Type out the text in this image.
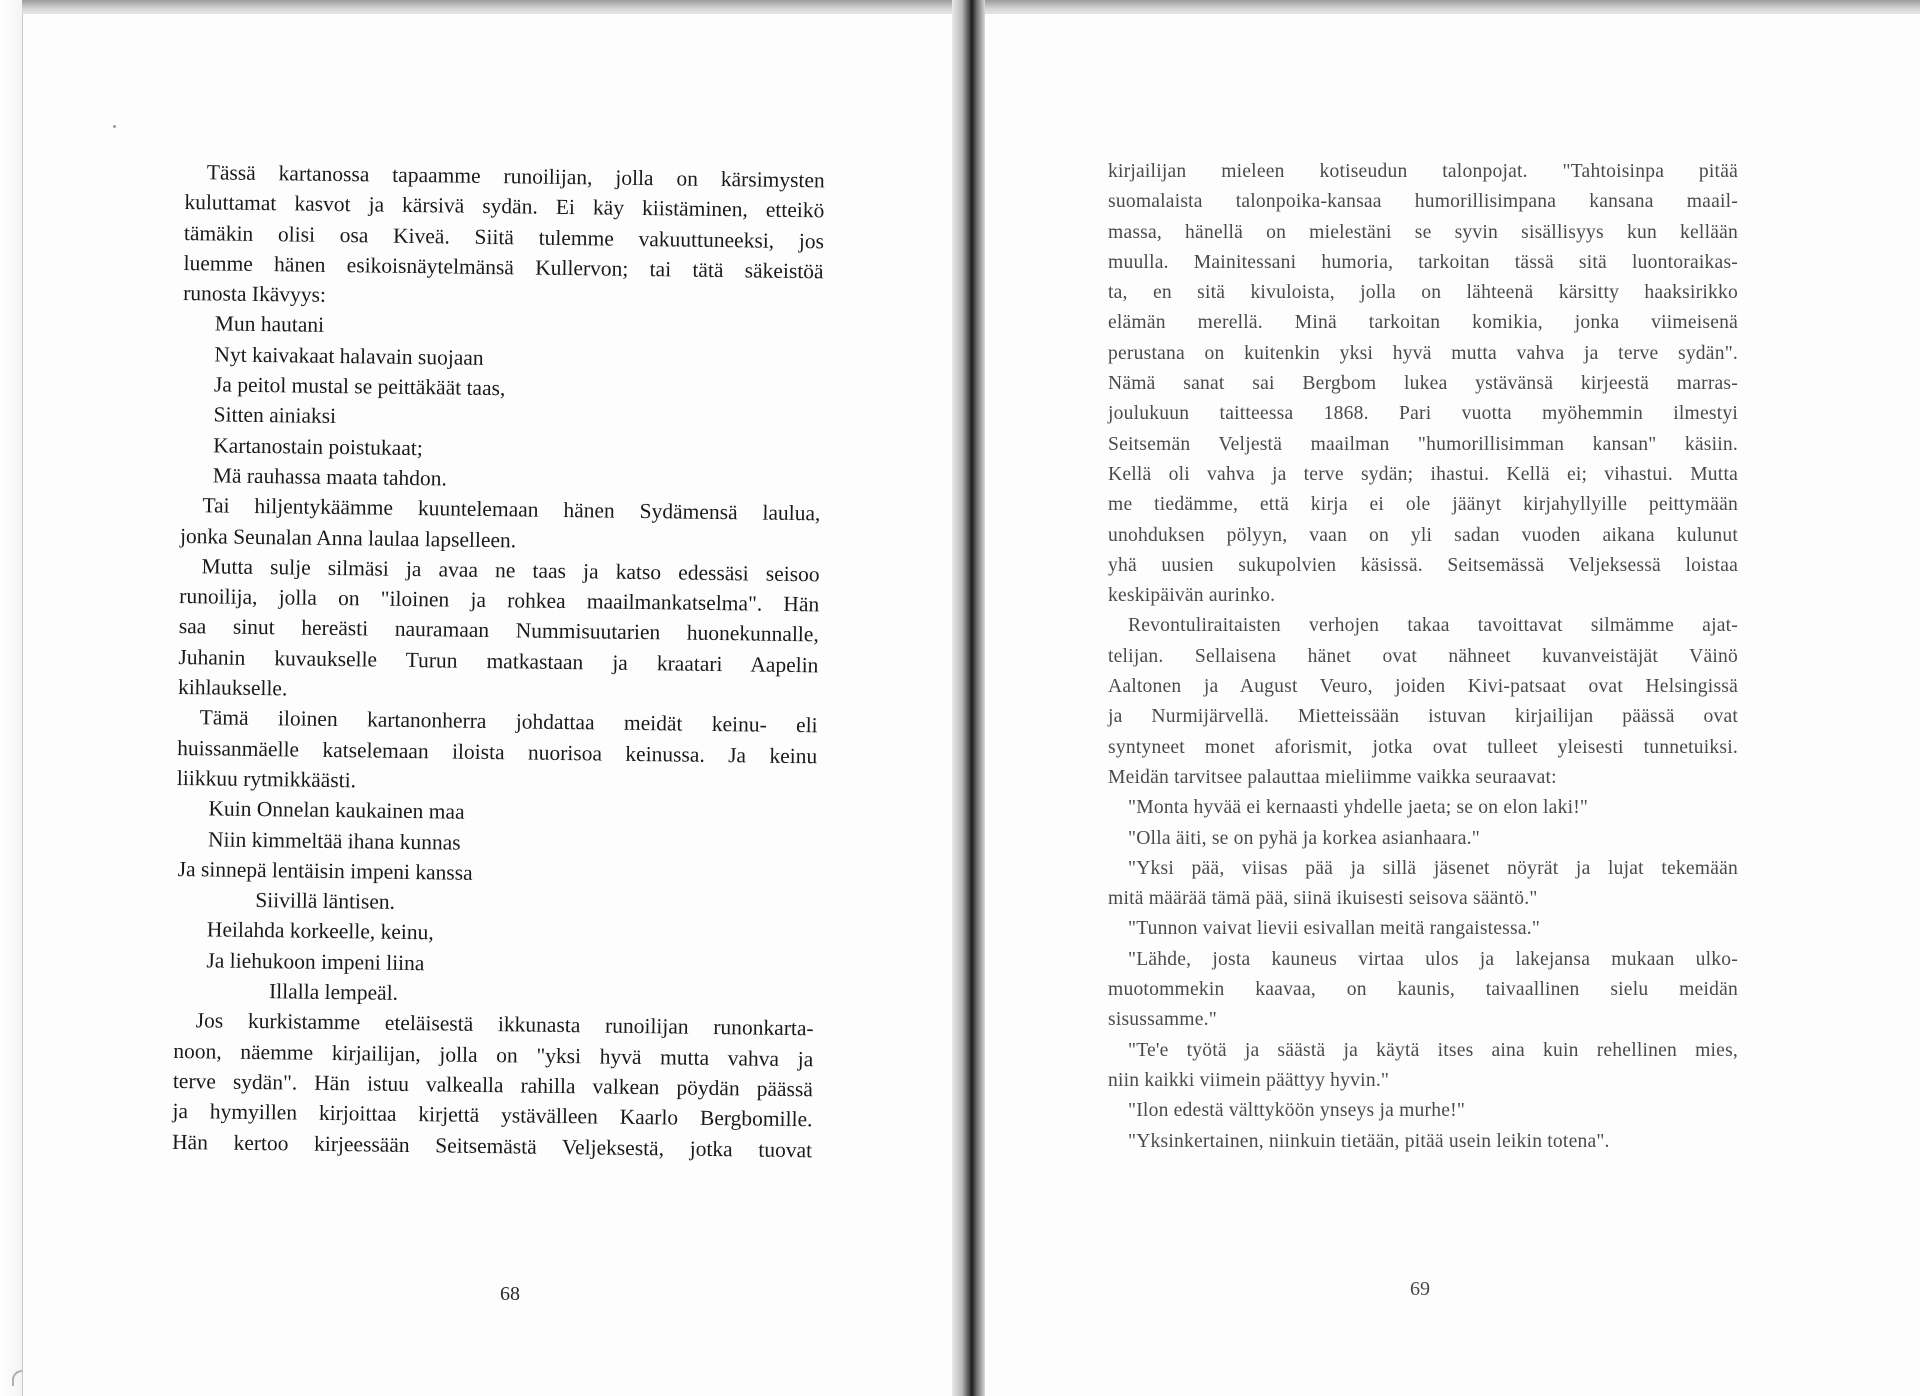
Tässä kartanossa tapaamme runoilijan, jolla on kärsimysten
kuluttamat kasvot ja kärsivä sydän. Ei käy kiistäminen, etteikö
tämäkin olisi osa Kiveä. Siitä tulemme vakuuttuneeksi, jos
luemme hänen esikoisnäytelmänsä Kullervon; tai tätä säkeistöä
runosta Ikävyys:
Mun hautani
Nyt kaivakaat halavain suojaan
Ja peitol mustal se peittäkäät taas,
Sitten ainiaksi
Kartanostain poistukaat;
Mä rauhassa maata tahdon.
Tai hiljentykäämme kuuntelemaan hänen Sydämensä laulua,
jonka Seunalan Anna laulaa lapselleen.
Mutta sulje silmäsi ja avaa ne taas ja katso edessäsi seisoo
runoilija, jolla on "iloinen ja rohkea maailmankatselma". Hän
saa sinut hereästi nauramaan Nummisuutarien huonekunnalle,
Juhanin kuvaukselle Turun matkastaan ja kraatari Aapelin
kihlaukselle.
Tämä iloinen kartanonherra johdattaa meidät keinu- eli
huissanmäelle katselemaan iloista nuorisoa keinussa. Ja keinu
liikkuu rytmikkäästi.
Kuin Onnelan kaukainen maa
Niin kimmeltää ihana kunnas
Ja sinnepä lentäisin impeni kanssa
Siivillä läntisen.
Heilahda korkeelle, keinu,
Ja liehukoon impeni liina
Illalla lempeäl.
Jos kurkistamme eteläisestä ikkunasta runoilijan runonkarta-
noon, näemme kirjailijan, jolla on "yksi hyvä mutta vahva ja
terve sydän". Hän istuu valkealla rahilla valkean pöydän päässä
ja hymyillen kirjoittaa kirjettä ystävälleen Kaarlo Bergbomille.
Hän kertoo kirjeessään Seitsemästä Veljeksestä, jotka tuovat
kirjailijan mieleen kotiseudun talonpojat. "Tahtoisinpa pitää
suomalaista talonpoika-kansaa humorillisimpana kansana maail-
massa, hänellä on mielestäni se syvin sisällisyys kun kellään
muulla. Mainitessani humoria, tarkoitan tässä sitä luontoraikas-
ta, en sitä kivuloista, jolla on lähteenä kärsitty haaksirikko
elämän merellä. Minä tarkoitan komikia, jonka viimeisenä
perustana on kuitenkin yksi hyvä mutta vahva ja terve sydän".
Nämä sanat sai Bergbom lukea ystävänsä kirjeestä marras-
joulukuun taitteessa 1868. Pari vuotta myöhemmin ilmestyi
Seitsemän Veljestä maailman "humorillisimman kansan" käsiin.
Kellä oli vahva ja terve sydän; ihastui. Kellä ei; vihastui. Mutta
me tiedämme, että kirja ei ole jäänyt kirjahyllyille peittymään
unohduksen pölyyn, vaan on yli sadan vuoden aikana kulunut
yhä uusien sukupolvien käsissä. Seitsemässä Veljeksessä loistaa
keskipäivän aurinko.
Revontuliraitaisten verhojen takaa tavoittavat silmämme ajat-
telijan. Sellaisena hänet ovat nähneet kuvanveistäjät Väinö
Aaltonen ja August Veuro, joiden Kivi-patsaat ovat Helsingissä
ja Nurmijärvellä. Mietteissään istuvan kirjailijan päässä ovat
syntyneet monet aforismit, jotka ovat tulleet yleisesti tunnetuiksi.
Meidän tarvitsee palauttaa mieliimme vaikka seuraavat:
"Monta hyvää ei kernaasti yhdelle jaeta; se on elon laki!"
"Olla äiti, se on pyhä ja korkea asianhaara."
"Yksi pää, viisas pää ja sillä jäsenet nöyrät ja lujat tekemään
mitä määrää tämä pää, siinä ikuisesti seisova sääntö."
"Tunnon vaivat lievii esivallan meitä rangaistessa."
"Lähde, josta kauneus virtaa ulos ja lakejansa mukaan ulko-
muotommekin kaavaa, on kaunis, taivaallinen sielu meidän
sisussamme."
"Te'e työtä ja säästä ja käytä itses aina kuin rehellinen mies,
niin kaikki viimein päättyy hyvin."
"Ilon edestä välttyköön ynseys ja murhe!"
"Yksinkertainen, niinkuin tietään, pitää usein leikin totena".
68	69
